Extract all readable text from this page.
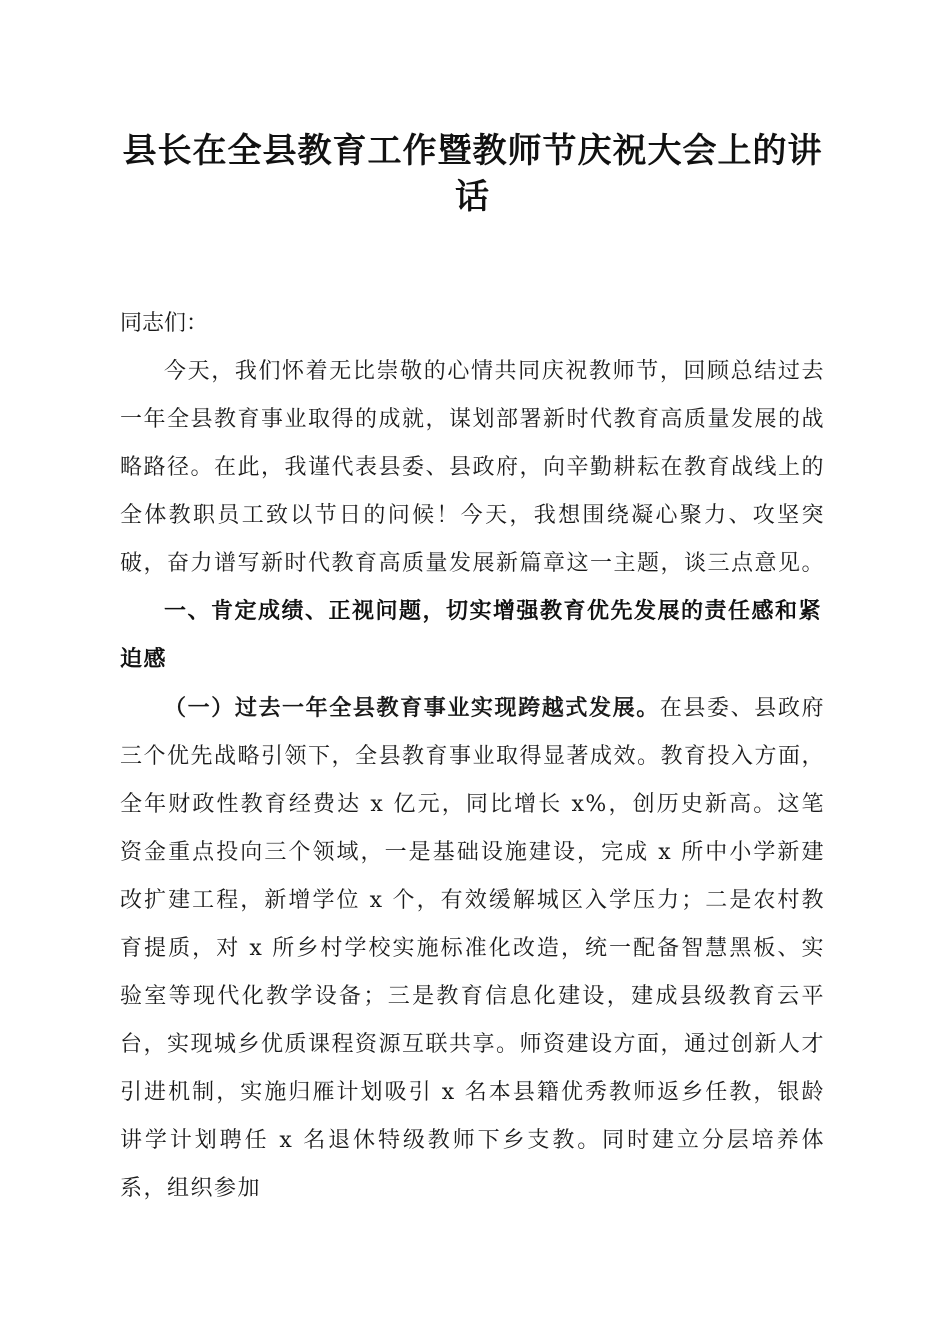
县长在全县教育工作暨教师节庆祝大会上的讲话

同志们：

今天，我们怀着无比崇敬的心情共同庆祝教师节，回顾总结过去一年全县教育事业取得的成就，谋划部署新时代教育高质量发展的战略路径。在此，我谨代表县委、县政府，向辛勤耕耘在教育战线上的全体教职员工致以节日的问候！今天，我想围绕凝心聚力、攻坚突破，奋力谱写新时代教育高质量发展新篇章这一主题，谈三点意见。

一、肯定成绩、正视问题，切实增强教育优先发展的责任感和紧迫感

（一）过去一年全县教育事业实现跨越式发展。在县委、县政府三个优先战略引领下，全县教育事业取得显著成效。教育投入方面，全年财政性教育经费达 x 亿元，同比增长 x%，创历史新高。这笔资金重点投向三个领域，一是基础设施建设，完成 x 所中小学新建改扩建工程，新增学位 x 个，有效缓解城区入学压力；二是农村教育提质，对 x 所乡村学校实施标准化改造，统一配备智慧黑板、实验室等现代化教学设备；三是教育信息化建设，建成县级教育云平台，实现城乡优质课程资源互联共享。师资建设方面，通过创新人才引进机制，实施归雁计划吸引 x 名本县籍优秀教师返乡任教，银龄讲学计划聘任 x 名退休特级教师下乡支教。同时建立分层培养体系，组织参加
